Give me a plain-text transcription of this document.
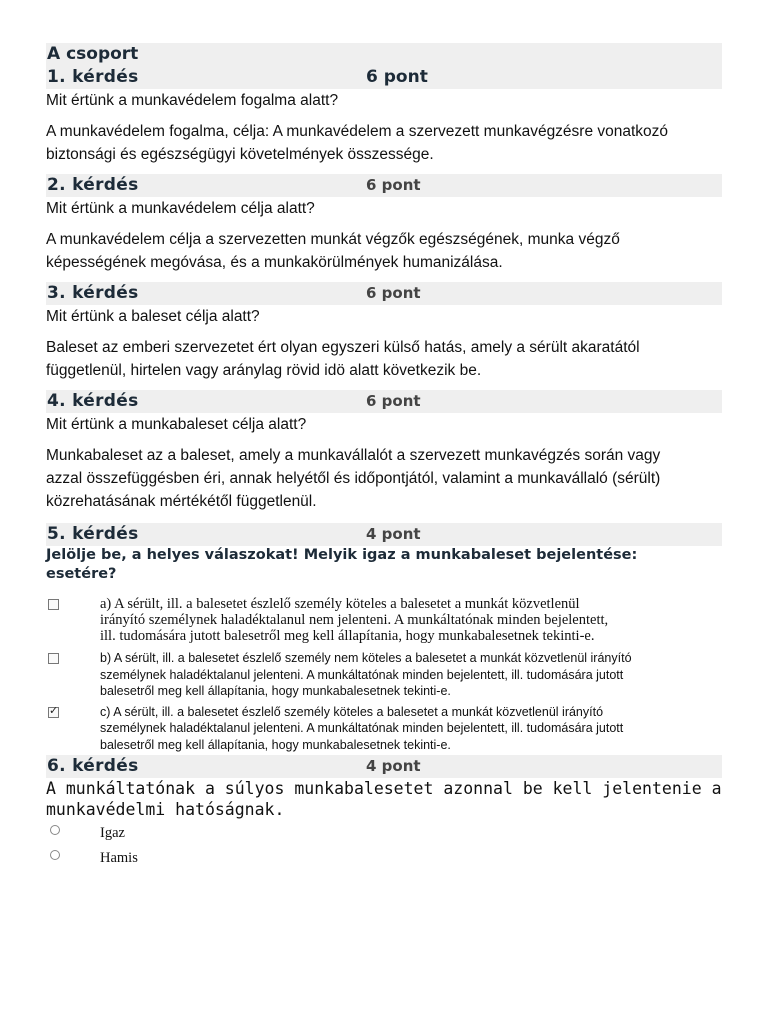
A csoport
1. kérdés	6 pont
Mit értünk a munkavédelem fogalma alatt?
A munkavédelem fogalma, célja: A munkavédelem a szervezett munkavégzésre vonatkozó
biztonsági és egészségügyi követelmények összessége.
2. kérdés	6 pont
Mit értünk a munkavédelem célja alatt?
A munkavédelem célja a szervezetten munkát végzők egészségének, munka végző
képességének megóvása, és a munkakörülmények humanizálása.
3. kérdés	6 pont
Mit értünk a baleset célja alatt?
Baleset az emberi szervezetet ért olyan egyszeri külső hatás, amely a sérült akaratától
függetlenül, hirtelen vagy aránylag rövid idö alatt következik be.
4. kérdés	6 pont
Mit értünk a munkabaleset célja alatt?
Munkabaleset az a baleset, amely a munkavállalót a szervezett munkavégzés során vagy
azzal összefüggésben éri, annak helyétől és időpontjától, valamint a munkavállaló (sérült)
közrehatásának mértékétől függetlenül.
5. kérdés	4 pont
Jelölje be, a helyes válaszokat! Melyik igaz a munkabaleset bejelentése:
esetére?
a) A sérült, ill. a balesetet észlelő személy köteles a balesetet a munkát közvetlenül
irányító személynek haladéktalanul nem jelenteni. A munkáltatónak minden bejelentett,
ill. tudomására jutott balesetről meg kell állapítania, hogy munkabalesetnek tekinti-e.
b) A sérült, ill. a balesetet észlelő személy nem köteles a balesetet a munkát közvetlenül irányító
személynek haladéktalanul jelenteni. A munkáltatónak minden bejelentett, ill. tudomására jutott
balesetről meg kell állapítania, hogy munkabalesetnek tekinti-e.
✓
c) A sérült, ill. a balesetet észlelő személy köteles a balesetet a munkát közvetlenül irányító
személynek haladéktalanul jelenteni. A munkáltatónak minden bejelentett, ill. tudomására jutott
balesetről meg kell állapítania, hogy munkabalesetnek tekinti-e.
6. kérdés	4 pont
A munkáltatónak a súlyos munkabalesetet azonnal be kell jelentenie a
munkavédelmi hatóságnak.
Igaz
Hamis
